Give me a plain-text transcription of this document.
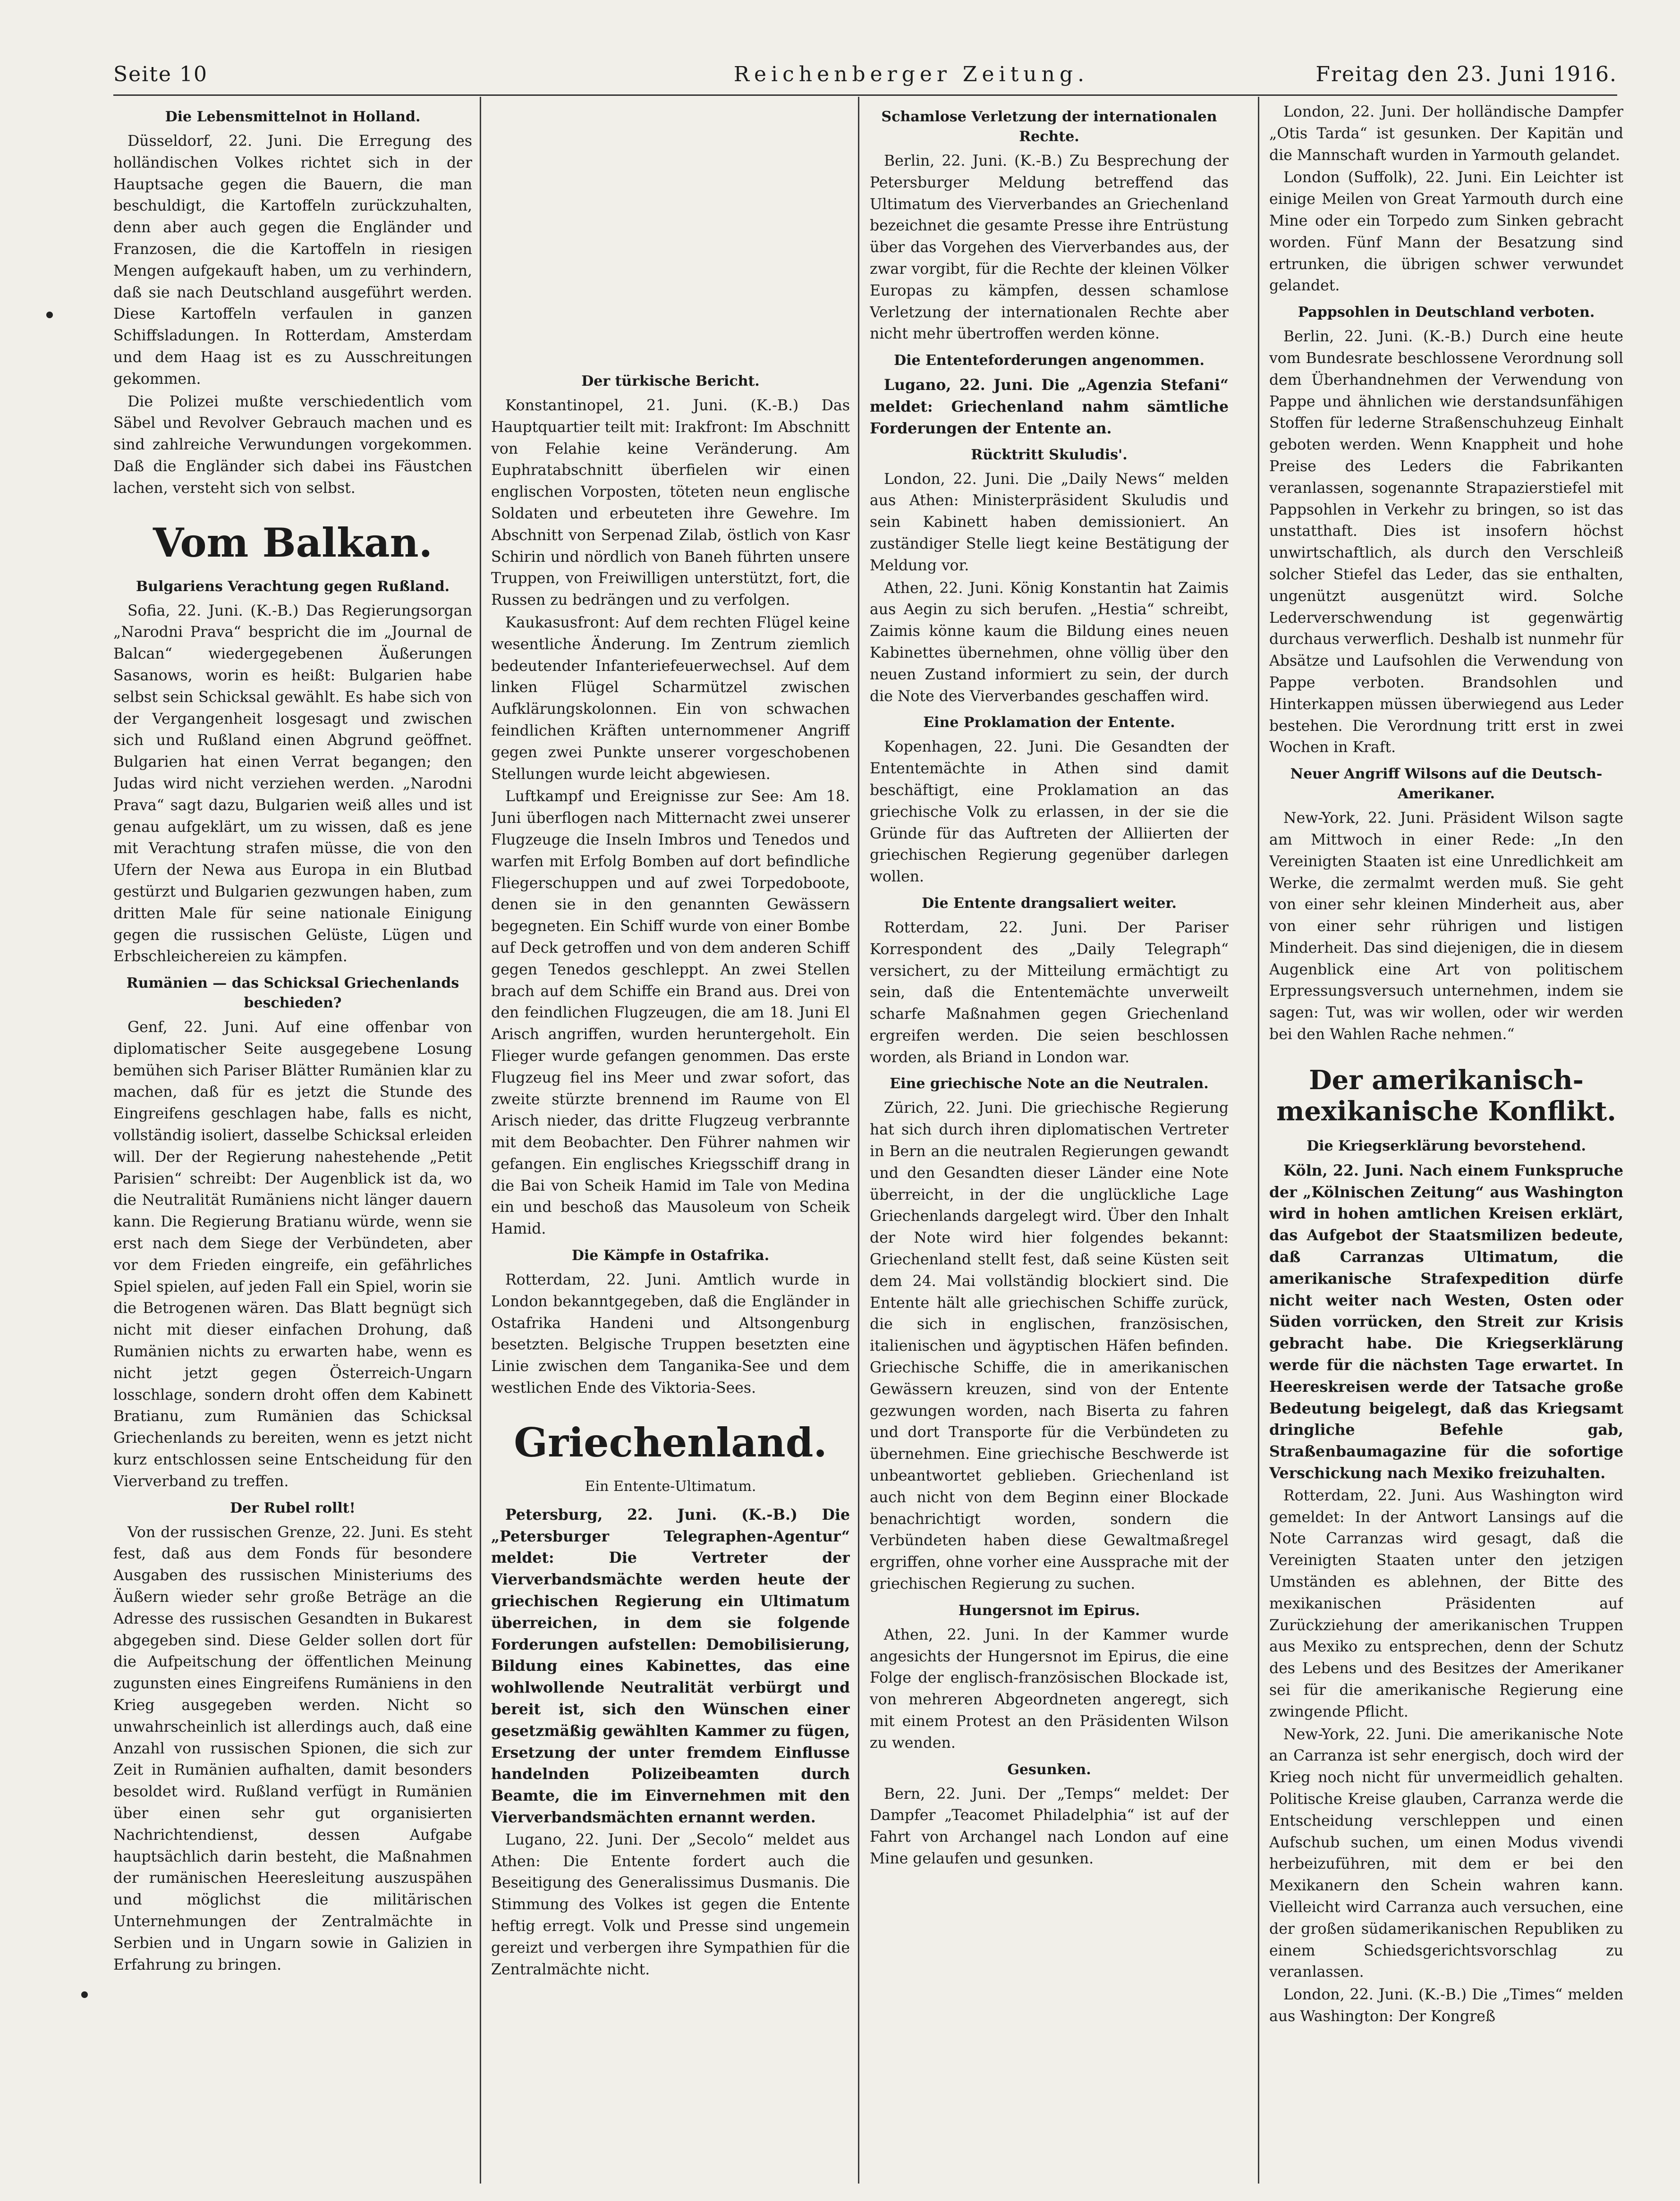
Seite 10	Reichenberger Zeitung.	Freitag den 23. Juni 1916.
Die Lebensmittelnot in Holland.

Düsseldorf, 22. Juni. Die Erregung des holländischen Volkes richtet sich in der Hauptsache gegen die Bauern, die man beschuldigt, die Kartoffeln zurückzuhalten, denn aber auch gegen die Engländer und Franzosen, die die Kartoffeln in riesigen Mengen aufgekauft haben, um zu verhindern, daß sie nach Deutschland ausgeführt werden. Diese Kartoffeln verfaulen in ganzen Schiffsladungen. In Rotterdam, Amsterdam und dem Haag ist es zu Ausschreitungen gekommen.

Die Polizei mußte verschiedentlich vom Säbel und Revolver Gebrauch machen und es sind zahlreiche Verwundungen vorgekommen. Daß die Engländer sich dabei ins Fäustchen lachen, versteht sich von selbst.

Vom Balkan.
Bulgariens Verachtung gegen Rußland.

Sofia, 22. Juni. (K.-B.) Das Regierungsorgan „Narodni Prava“ bespricht die im „Journal de Balcan“ wiedergegebenen Äußerungen Sasanows, worin es heißt: Bulgarien habe selbst sein Schicksal gewählt. Es habe sich von der Vergangenheit losgesagt und zwischen sich und Rußland einen Abgrund geöffnet. Bulgarien hat einen Verrat begangen; den Judas wird nicht verziehen werden. „Narodni Prava“ sagt dazu, Bulgarien weiß alles und ist genau aufgeklärt, um zu wissen, daß es jene mit Verachtung strafen müsse, die von den Ufern der Newa aus Europa in ein Blutbad gestürzt und Bulgarien gezwungen haben, zum dritten Male für seine nationale Einigung gegen die russischen Gelüste, Lügen und Erbschleichereien zu kämpfen.

Rumänien — das Schicksal Griechenlands beschieden?

Genf, 22. Juni. Auf eine offenbar von diplomatischer Seite ausgegebene Losung bemühen sich Pariser Blätter Rumänien klar zu machen, daß für es jetzt die Stunde des Eingreifens geschlagen habe, falls es nicht, vollständig isoliert, dasselbe Schicksal erleiden will. Der der Regierung nahestehende „Petit Parisien“ schreibt: Der Augenblick ist da, wo die Neutralität Rumäniens nicht länger dauern kann. Die Regierung Bratianu würde, wenn sie erst nach dem Siege der Verbündeten, aber vor dem Frieden eingreife, ein gefährliches Spiel spielen, auf jeden Fall ein Spiel, worin sie die Betrogenen wären. Das Blatt begnügt sich nicht mit dieser einfachen Drohung, daß Rumänien nichts zu erwarten habe, wenn es nicht jetzt gegen Österreich-Ungarn losschlage, sondern droht offen dem Kabinett Bratianu, zum Rumänien das Schicksal Griechenlands zu bereiten, wenn es jetzt nicht kurz entschlossen seine Entscheidung für den Vierverband zu treffen.

Der Rubel rollt!

Von der russischen Grenze, 22. Juni. Es steht fest, daß aus dem Fonds für besondere Ausgaben des russischen Ministeriums des Äußern wieder sehr große Beträge an die Adresse des russischen Gesandten in Bukarest abgegeben sind. Diese Gelder sollen dort für die Aufpeitschung der öffentlichen Meinung zugunsten eines Eingreifens Rumäniens in den Krieg ausgegeben werden. Nicht so unwahrscheinlich ist allerdings auch, daß eine Anzahl von russischen Spionen, die sich zur Zeit in Rumänien aufhalten, damit besonders besoldet wird. Rußland verfügt in Rumänien über einen sehr gut organisierten Nachrichtendienst, dessen Aufgabe hauptsächlich darin besteht, die Maßnahmen der rumänischen Heeresleitung auszuspähen und möglichst die militärischen Unternehmungen der Zentralmächte in Serbien und in Ungarn sowie in Galizien in Erfahrung zu bringen.

Der türkische Bericht.

Konstantinopel, 21. Juni. (K.-B.) Das Hauptquartier teilt mit: Irakfront: Im Abschnitt von Felahie keine Veränderung. Am Euphratabschnitt überfielen wir einen englischen Vorposten, töteten neun englische Soldaten und erbeuteten ihre Gewehre. Im Abschnitt von Serpenad Zilab, östlich von Kasr Schirin und nördlich von Baneh führten unsere Truppen, von Freiwilligen unterstützt, fort, die Russen zu bedrängen und zu verfolgen.

Kaukasusfront: Auf dem rechten Flügel keine wesentliche Änderung. Im Zentrum ziemlich bedeutender Infanteriefeuerwechsel. Auf dem linken Flügel Scharmützel zwischen Aufklärungskolonnen. Ein von schwachen feindlichen Kräften unternommener Angriff gegen zwei Punkte unserer vorgeschobenen Stellungen wurde leicht abgewiesen.

Luftkampf und Ereignisse zur See: Am 18. Juni überflogen nach Mitternacht zwei unserer Flugzeuge die Inseln Imbros und Tenedos und warfen mit Erfolg Bomben auf dort befindliche Fliegerschuppen und auf zwei Torpedoboote, denen sie in den genannten Gewässern begegneten. Ein Schiff wurde von einer Bombe auf Deck getroffen und von dem anderen Schiff gegen Tenedos geschleppt. An zwei Stellen brach auf dem Schiffe ein Brand aus. Drei von den feindlichen Flugzeugen, die am 18. Juni El Arisch angriffen, wurden heruntergeholt. Ein Flieger wurde gefangen genommen. Das erste Flugzeug fiel ins Meer und zwar sofort, das zweite stürzte brennend im Raume von El Arisch nieder, das dritte Flugzeug verbrannte mit dem Beobachter. Den Führer nahmen wir gefangen. Ein englisches Kriegsschiff drang in die Bai von Scheik Hamid im Tale von Medina ein und beschoß das Mausoleum von Scheik Hamid.

Die Kämpfe in Ostafrika.

Rotterdam, 22. Juni. Amtlich wurde in London bekanntgegeben, daß die Engländer in Ostafrika Handeni und Altsongenburg besetzten. Belgische Truppen besetzten eine Linie zwischen dem Tanganika-See und dem westlichen Ende des Viktoria-Sees.

Griechenland.
Ein Entente-Ultimatum.

Petersburg, 22. Juni. (K.-B.) Die „Petersburger Telegraphen-Agentur“ meldet: Die Vertreter der Vierverbandsmächte werden heute der griechischen Regierung ein Ultimatum überreichen, in dem sie folgende Forderungen aufstellen: Demobilisierung, Bildung eines Kabinettes, das eine wohlwollende Neutralität verbürgt und bereit ist, sich den Wünschen einer gesetzmäßig gewählten Kammer zu fügen, Ersetzung der unter fremdem Einflusse handelnden Polizeibeamten durch Beamte, die im Einvernehmen mit den Vierverbandsmächten ernannt werden.

Lugano, 22. Juni. Der „Secolo“ meldet aus Athen: Die Entente fordert auch die Beseitigung des Generalissimus Dusmanis. Die Stimmung des Volkes ist gegen die Entente heftig erregt. Volk und Presse sind ungemein gereizt und verbergen ihre Sympathien für die Zentralmächte nicht.

Schamlose Verletzung der internationalen Rechte.

Berlin, 22. Juni. (K.-B.) Zu Besprechung der Petersburger Meldung betreffend das Ultimatum des Vierverbandes an Griechenland bezeichnet die gesamte Presse ihre Entrüstung über das Vorgehen des Vierverbandes aus, der zwar vorgibt, für die Rechte der kleinen Völker Europas zu kämpfen, dessen schamlose Verletzung der internationalen Rechte aber nicht mehr übertroffen werden könne.

Die Ententeforderungen angenommen.

Lugano, 22. Juni. Die „Agenzia Stefani“ meldet: Griechenland nahm sämtliche Forderungen der Entente an.

Rücktritt Skuludis'.

London, 22. Juni. Die „Daily News“ melden aus Athen: Ministerpräsident Skuludis und sein Kabinett haben demissioniert. An zuständiger Stelle liegt keine Bestätigung der Meldung vor.

Athen, 22. Juni. König Konstantin hat Zaimis aus Aegin zu sich berufen. „Hestia“ schreibt, Zaimis könne kaum die Bildung eines neuen Kabinettes übernehmen, ohne völlig über den neuen Zustand informiert zu sein, der durch die Note des Vierverbandes geschaffen wird.

Eine Proklamation der Entente.

Kopenhagen, 22. Juni. Die Gesandten der Ententemächte in Athen sind damit beschäftigt, eine Proklamation an das griechische Volk zu erlassen, in der sie die Gründe für das Auftreten der Alliierten der griechischen Regierung gegenüber darlegen wollen.

Die Entente drangsaliert weiter.

Rotterdam, 22. Juni. Der Pariser Korrespondent des „Daily Telegraph“ versichert, zu der Mitteilung ermächtigt zu sein, daß die Ententemächte unverweilt scharfe Maßnahmen gegen Griechenland ergreifen werden. Die seien beschlossen worden, als Briand in London war.

Eine griechische Note an die Neutralen.

Zürich, 22. Juni. Die griechische Regierung hat sich durch ihren diplomatischen Vertreter in Bern an die neutralen Regierungen gewandt und den Gesandten dieser Länder eine Note überreicht, in der die unglückliche Lage Griechenlands dargelegt wird. Über den Inhalt der Note wird hier folgendes bekannt: Griechenland stellt fest, daß seine Küsten seit dem 24. Mai vollständig blockiert sind. Die Entente hält alle griechischen Schiffe zurück, die sich in englischen, französischen, italienischen und ägyptischen Häfen befinden. Griechische Schiffe, die in amerikanischen Gewässern kreuzen, sind von der Entente gezwungen worden, nach Biserta zu fahren und dort Transporte für die Verbündeten zu übernehmen. Eine griechische Beschwerde ist unbeantwortet geblieben. Griechenland ist auch nicht von dem Beginn einer Blockade benachrichtigt worden, sondern die Verbündeten haben diese Gewaltmaßregel ergriffen, ohne vorher eine Aussprache mit der griechischen Regierung zu suchen.

Hungersnot im Epirus.

Athen, 22. Juni. In der Kammer wurde angesichts der Hungersnot im Epirus, die eine Folge der englisch-französischen Blockade ist, von mehreren Abgeordneten angeregt, sich mit einem Protest an den Präsidenten Wilson zu wenden.

Gesunken.

Bern, 22. Juni. Der „Temps“ meldet: Der Dampfer „Teacomet Philadelphia“ ist auf der Fahrt von Archangel nach London auf eine Mine gelaufen und gesunken.

London, 22. Juni. Der holländische Dampfer „Otis Tarda“ ist gesunken. Der Kapitän und die Mannschaft wurden in Yarmouth gelandet.

London (Suffolk), 22. Juni. Ein Leichter ist einige Meilen von Great Yarmouth durch eine Mine oder ein Torpedo zum Sinken gebracht worden. Fünf Mann der Besatzung sind ertrunken, die übrigen schwer verwundet gelandet.

Pappsohlen in Deutschland verboten.

Berlin, 22. Juni. (K.-B.) Durch eine heute vom Bundesrate beschlossene Verordnung soll dem Überhandnehmen der Verwendung von Pappe und ähnlichen wie derstandsunfähigen Stoffen für lederne Straßenschuhzeug Einhalt geboten werden. Wenn Knappheit und hohe Preise des Leders die Fabrikanten veranlassen, sogenannte Strapazierstiefel mit Pappsohlen in Verkehr zu bringen, so ist das unstatthaft. Dies ist insofern höchst unwirtschaftlich, als durch den Verschleiß solcher Stiefel das Leder, das sie enthalten, ungenützt ausgenützt wird. Solche Lederverschwendung ist gegenwärtig durchaus verwerflich. Deshalb ist nunmehr für Absätze und Laufsohlen die Verwendung von Pappe verboten. Brandsohlen und Hinterkappen müssen überwiegend aus Leder bestehen. Die Verordnung tritt erst in zwei Wochen in Kraft.

Neuer Angriff Wilsons auf die Deutsch-Amerikaner.

New-York, 22. Juni. Präsident Wilson sagte am Mittwoch in einer Rede: „In den Vereinigten Staaten ist eine Unredlichkeit am Werke, die zermalmt werden muß. Sie geht von einer sehr kleinen Minderheit aus, aber von einer sehr rührigen und listigen Minderheit. Das sind diejenigen, die in diesem Augenblick eine Art von politischem Erpressungsversuch unternehmen, indem sie sagen: Tut, was wir wollen, oder wir werden bei den Wahlen Rache nehmen.“

Der amerikanisch-mexikanische Konflikt.
Die Kriegserklärung bevorstehend.

Köln, 22. Juni. Nach einem Funkspruche der „Kölnischen Zeitung“ aus Washington wird in hohen amtlichen Kreisen erklärt, das Aufgebot der Staatsmilizen bedeute, daß Carranzas Ultimatum, die amerikanische Strafexpedition dürfe nicht weiter nach Westen, Osten oder Süden vorrücken, den Streit zur Krisis gebracht habe. Die Kriegserklärung werde für die nächsten Tage erwartet. In Heereskreisen werde der Tatsache große Bedeutung beigelegt, daß das Kriegsamt dringliche Befehle gab, Straßenbaumagazine für die sofortige Verschickung nach Mexiko freizuhalten.

Rotterdam, 22. Juni. Aus Washington wird gemeldet: In der Antwort Lansings auf die Note Carranzas wird gesagt, daß die Vereinigten Staaten unter den jetzigen Umständen es ablehnen, der Bitte des mexikanischen Präsidenten auf Zurückziehung der amerikanischen Truppen aus Mexiko zu entsprechen, denn der Schutz des Lebens und des Besitzes der Amerikaner sei für die amerikanische Regierung eine zwingende Pflicht.

New-York, 22. Juni. Die amerikanische Note an Carranza ist sehr energisch, doch wird der Krieg noch nicht für unvermeidlich gehalten. Politische Kreise glauben, Carranza werde die Entscheidung verschleppen und einen Aufschub suchen, um einen Modus vivendi herbeizuführen, mit dem er bei den Mexikanern den Schein wahren kann. Vielleicht wird Carranza auch versuchen, eine der großen südamerikanischen Republiken zu einem Schiedsgerichtsvorschlag zu veranlassen.

London, 22. Juni. (K.-B.) Die „Times“ melden aus Washington: Der Kongreß
